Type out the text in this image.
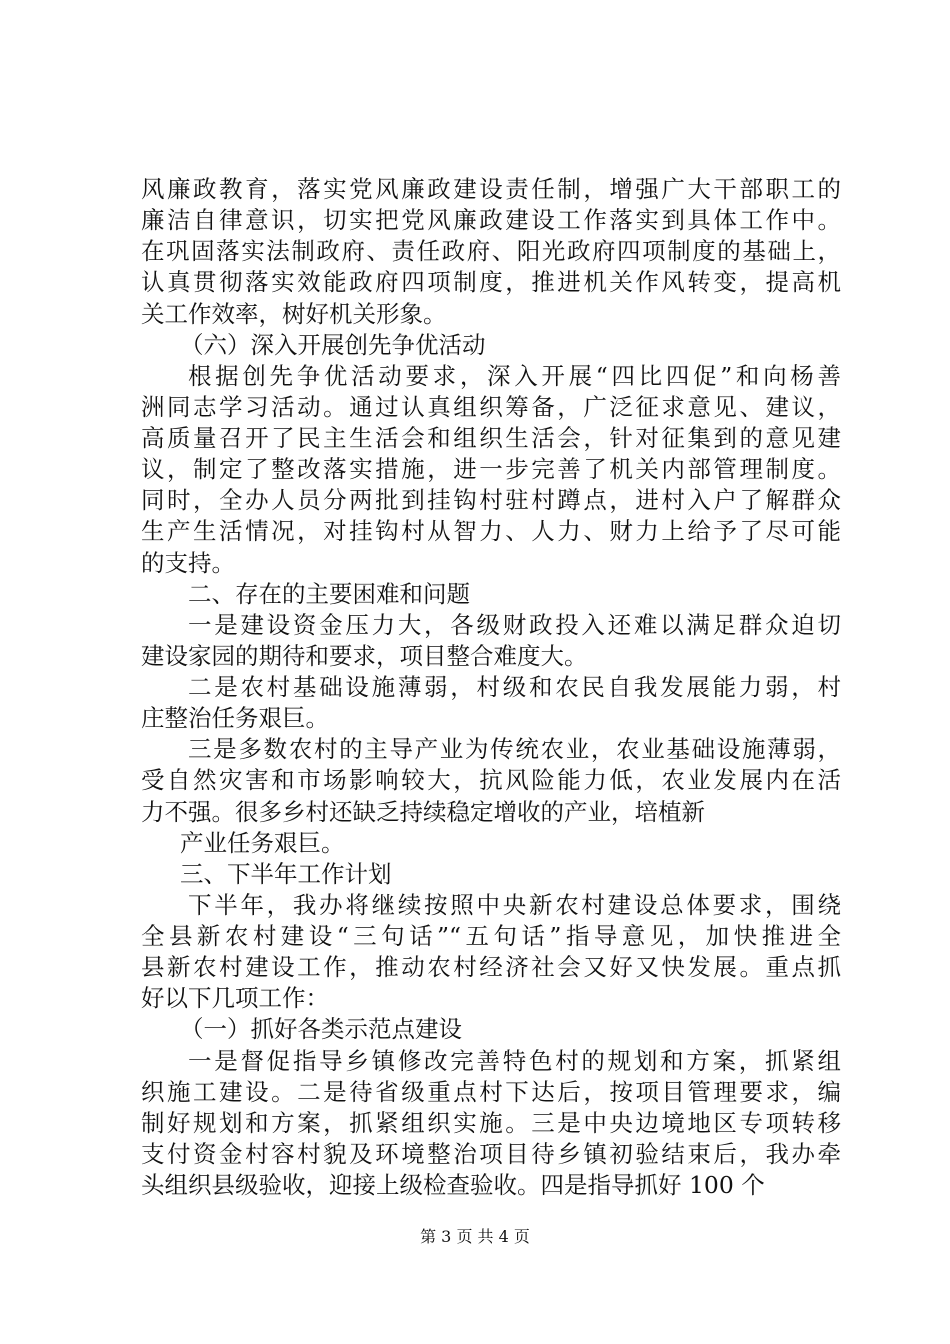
风廉政教育，落实党风廉政建设责任制，增强广大干部职工的
廉洁自律意识，切实把党风廉政建设工作落实到具体工作中。
在巩固落实法制政府、责任政府、阳光政府四项制度的基础上，
认真贯彻落实效能政府四项制度，推进机关作风转变，提高机
关工作效率，树好机关形象。
（六）深入开展创先争优活动
根据创先争优活动要求，深入开展“四比四促”和向杨善
洲同志学习活动。通过认真组织筹备，广泛征求意见、建议，
高质量召开了民主生活会和组织生活会，针对征集到的意见建
议，制定了整改落实措施，进一步完善了机关内部管理制度。
同时，全办人员分两批到挂钩村驻村蹲点，进村入户了解群众
生产生活情况，对挂钩村从智力、人力、财力上给予了尽可能
的支持。
二、存在的主要困难和问题
一是建设资金压力大，各级财政投入还难以满足群众迫切
建设家园的期待和要求，项目整合难度大。
二是农村基础设施薄弱，村级和农民自我发展能力弱，村
庄整治任务艰巨。
三是多数农村的主导产业为传统农业，农业基础设施薄弱，
受自然灾害和市场影响较大，抗风险能力低，农业发展内在活
力不强。很多乡村还缺乏持续稳定增收的产业，培植新
产业任务艰巨。
三、下半年工作计划
下半年，我办将继续按照中央新农村建设总体要求，围绕
全县新农村建设“三句话”“五句话”指导意见，加快推进全
县新农村建设工作，推动农村经济社会又好又快发展。重点抓
好以下几项工作：
（一）抓好各类示范点建设
一是督促指导乡镇修改完善特色村的规划和方案，抓紧组
织施工建设。二是待省级重点村下达后，按项目管理要求，编
制好规划和方案，抓紧组织实施。三是中央边境地区专项转移
支付资金村容村貌及环境整治项目待乡镇初验结束后，我办牵
头组织县级验收，迎接上级检查验收。四是指导抓好 100 个
第 3 页 共 4 页
